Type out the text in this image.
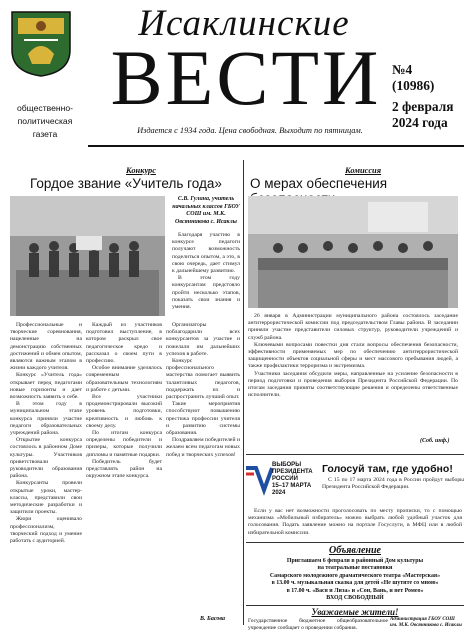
общественно-
политическая
газета
Исаклинские
ВЕСТИ №4
(10986)
2 февраля
2024 года
Издается с 1934 года. Цена свободная. Выходит по пятницам.
Конкурс
Гордое звание «Учитель года»
С.В. Гулина, учитель начальных классов ГБОУ СОШ им. М.К. Овсянникова с. Исаклы

Благодаря участию в конкурсе педагоги получают возможность поделиться опытом, а это, в свою очередь, дает стимул к дальнейшему развитию.

В этом году конкурсантам предстояло пройти несколько этапов, показать свои знания и умения.

Профессиональные и творческие соревнования, нацеленные на демонстрацию собственных достижений и обмен опытом, являются важным этапом в жизни каждого учителя.

Конкурс «Учитель года» открывает перед педагогами новые горизонты и дает возможность заявить о себе.

В этом году в муниципальном этапе конкурса приняли участие педагоги образовательных учреждений района.

Открытие конкурса состоялось в районном Доме культуры. Участников приветствовали руководители образования района.

Конкурсанты провели открытые уроки, мастер-классы, представили свои методические разработки и защитили проекты.

Жюри оценивало профессионализм, творческий подход и умение работать с аудиторией.

Каждый из участников подготовил выступление, в котором раскрыл свое педагогическое кредо и рассказал о своем пути в профессию.

Особое внимание уделялось современным образовательным технологиям и работе с детьми.

Все участники продемонстрировали высокий уровень подготовки, креативность и любовь к своему делу.

По итогам конкурса определены победители и призеры, которые получили дипломы и памятные подарки.

Победитель будет представлять район на окружном этапе конкурса.

Организаторы поблагодарили всех конкурсантов за участие и пожелали им дальнейших успехов в работе.

Конкурс профессионального мастерства помогает выявить талантливых педагогов, поддержать их и распространить лучший опыт.

Такие мероприятия способствуют повышению престижа профессии учителя и развитию системы образования.

Поздравляем победителей и желаем всем педагогам новых побед и творческих успехов!

В. Басова
Комиссия
О мерах обеспечения

26 января в Администрации муниципального района состоялось заседание антитеррористической комиссии под председательством Главы района. В заседании приняли участие представители силовых структур, руководители учреждений и служб района.

Ключевыми вопросами повестки дня стали вопросы обеспечения безопасности, эффективности применяемых мер по обеспечению антитеррористической защищенности объектов социальной сферы и мест массового пребывания людей, а также профилактики терроризма и экстремизма.

Участники заседания обсудили меры, направленные на усиление безопасности в период подготовки и проведения выборов Президента Российской Федерации. По итогам заседания приняты соответствующие решения и определены ответственные исполнители.

(Соб. инф.)
ВЫБОРЫ
ПРЕЗИДЕНТА
РОССИИ
15–17 МАРТА 2024
Голосуй там, где удобно!

С 15 по 17 марта 2024 года в России пройдут выборы Президента Российской Федерации.

Если у вас нет возможности проголосовать по месту прописки, то с помощью механизма «Мобильный избиратель» можно выбрать любой удобный участок для голосования. Подать заявление можно на портале Госуслуги, в МФЦ или в любой избирательной комиссии.

Объявление
Приглашаем 6 февраля в районный Дом культуры
на театральные постановки
Самарского молодежного драматического театра «Мастерская»
в 13.00 ч. музыкальная сказка для детей «Не шутите со мною»
в 17.00 ч. «Вася и Лиза» и «Сон, Вань, и нет Ромео»
ВХОД СВОБОДНЫЙ
Уважаемые жители!
Государственное бюджетное общеобразовательное учреждение сообщает о проведении собрания.
Администрация ГБОУ СОШ
им. М.К. Овсянникова с. Исаклы
